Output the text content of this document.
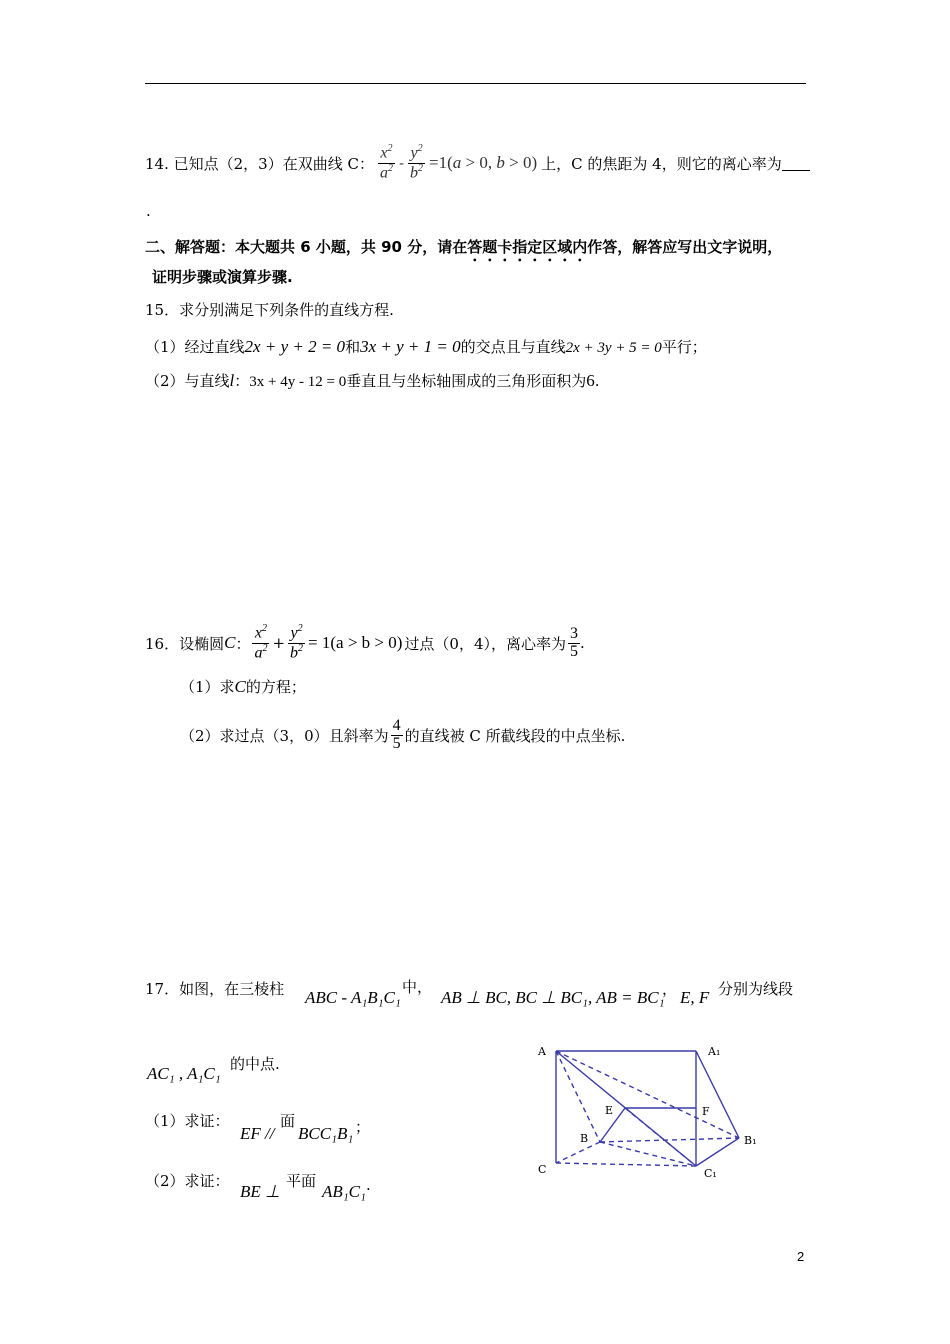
14. 已知点（2，3）在双曲线 C： $\frac{x^2}{a^2} - \frac{y^2}{b^2} =1(a > 0$, b > 0) 上，C 的焦距为 4，则它的离心率为
.
二、解答题：本大题共 6 小题，共 90 分，请在答题卡指定区域内作答，解答应写出文字说明，
证明步骤或演算步骤.
15．求分别满足下列条件的直线方程.
（1）经过直线2x + y + 2 = 0和3x + y + 1 = 0的交点且与直线2x + 3y + 5 = 0平行；
（2）与直线l：3x + 4y - 12 = 0垂直且与坐标轴围成的三角形面积为6.
16．设椭圆 C ： $\frac{x^2}{a^2} + \frac{y^2}{b^2} = 1(a > b > 0)$ 过点（0，4），离心率为 $\frac{3}{5}$ .
（1）求C的方程；
（2）求过点（3，0）且斜率为 $\frac{4}{5}$ 的直线被 C 所截线段的中点坐标.
17．如图，在三棱柱 ABC - A₁B₁C₁
中，
AB ⊥ BC, BC ⊥ BC₁, AB = BC₁
， E, F 分别为线段
AC₁ , A₁C₁ 的中点.
（1）求证：
EF //
面
BCC₁B₁ ；
（2）求证：
BE ⊥
平面
AB₁C₁ .
A	A₁
E	F
B	B₁
C	C₁
2
